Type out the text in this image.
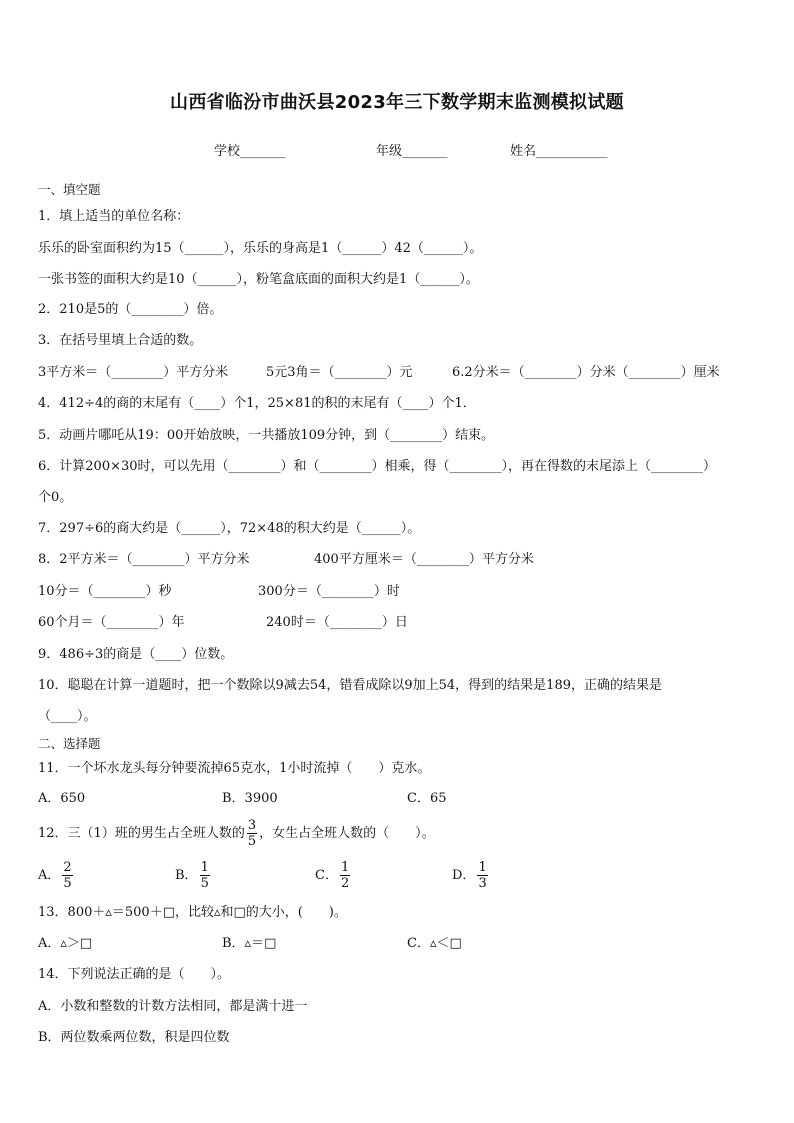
山西省临汾市曲沃县2023年三下数学期末监测模拟试题
学校_______	年级_______	姓名___________
一、填空题
1．填上适当的单位名称：
乐乐的卧室面积约为15（______），乐乐的身高是1（______）42（______）。
一张书签的面积大约是10（______），粉笔盒底面的面积大约是1（______）。
2．210是5的（________）倍。
3．在括号里填上合适的数。
3平方米＝（________）平方分米	5元3角＝（________）元	6.2分米＝（________）分米（________）厘米
4．412÷4的商的末尾有（____）个1，25×81的积的末尾有（____）个1．
5．动画片哪吒从19：00开始放映，一共播放109分钟，到（________）结束。
6．计算200×30时，可以先用（________）和（________）相乘，得（________），再在得数的末尾添上（________）
个0。
7．297÷6的商大约是（______），72×48的积大约是（______）。
8．2平方米＝（________）平方分米	400平方厘米＝（________）平方分米
10分＝（________）秒	300分＝（________）时
60个月＝（________）年	240时＝（________）日
9．486÷3的商是（____）位数。
10．聪聪在计算一道题时，把一个数除以9减去54，错看成除以9加上54，得到的结果是189，正确的结果是
（____）。
二、选择题
11．一个坏水龙头每分钟要流掉65克水，1小时流掉（　　）克水。
A．650	B．3900	C．65
12．三（1）班的男生占全班人数的 $\frac{3}{5}$ ，女生占全班人数的（　　）。
A． $\frac{2}{5}$	B． $\frac{1}{5}$	C． $\frac{1}{2}$	D． $\frac{1}{3}$
13．800＋▵＝500＋□，比较▵和□的大小，(　　)。
A．▵＞□	B．▵＝□	C．▵＜□
14．下列说法正确的是（　　）。
A．小数和整数的计数方法相同，都是满十进一
B．两位数乘两位数，积是四位数
